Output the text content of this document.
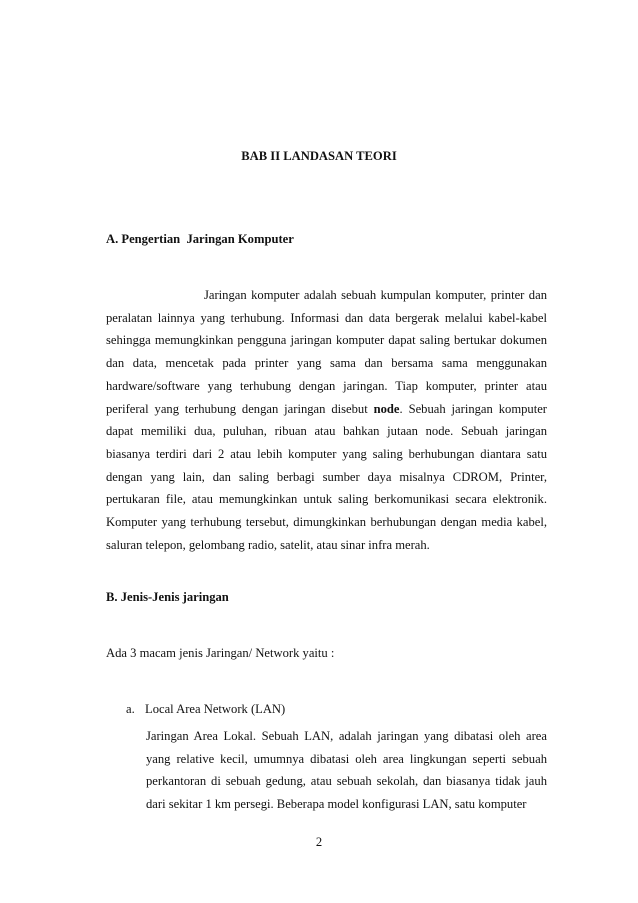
BAB II LANDASAN TEORI
A. Pengertian  Jaringan Komputer

Jaringan komputer adalah sebuah kumpulan komputer, printer dan peralatan lainnya yang terhubung. Informasi dan data bergerak melalui kabel-kabel sehingga memungkinkan pengguna jaringan komputer dapat saling bertukar dokumen dan data, mencetak pada printer yang sama dan bersama sama menggunakan hardware/software yang terhubung dengan jaringan. Tiap komputer, printer atau periferal yang terhubung dengan jaringan disebut node. Sebuah jaringan komputer dapat memiliki dua, puluhan, ribuan atau bahkan jutaan node. Sebuah jaringan biasanya terdiri dari 2 atau lebih komputer yang saling berhubungan diantara satu dengan yang lain, dan saling berbagi sumber daya misalnya CDROM, Printer, pertukaran file, atau memungkinkan untuk saling berkomunikasi secara elektronik. Komputer yang terhubung tersebut, dimungkinkan berhubungan dengan media kabel, saluran telepon, gelombang radio, satelit, atau sinar infra merah.

B. Jenis-Jenis jaringan
Ada 3 macam jenis Jaringan/ Network yaitu :
a. Local Area Network (LAN)

Jaringan Area Lokal. Sebuah LAN, adalah jaringan yang dibatasi oleh area yang relative kecil, umumnya dibatasi oleh area lingkungan seperti sebuah perkantoran di sebuah gedung, atau sebuah sekolah, dan biasanya tidak jauh dari sekitar 1 km persegi. Beberapa model konfigurasi LAN, satu komputer

2
